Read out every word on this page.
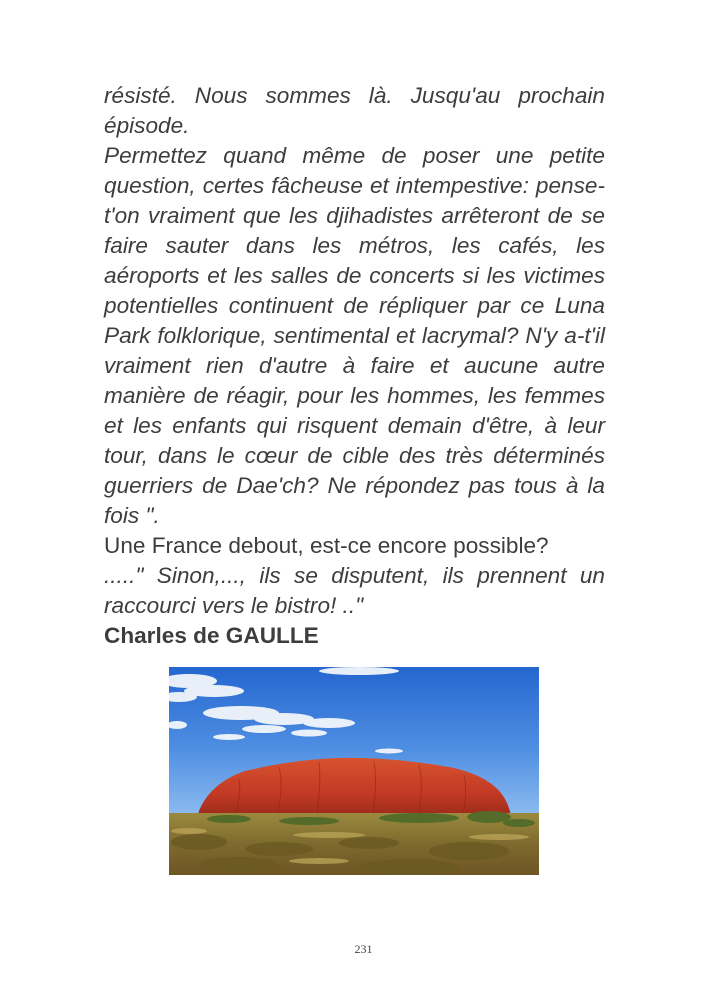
résisté. Nous sommes là. Jusqu'au prochain épisode.

Permettez quand même de poser une petite question, certes fâcheuse et intempestive: pense-t'on vraiment que les djihadistes arrêteront de se faire sauter dans les métros, les cafés, les aéroports et les salles de concerts si les victimes potentielles continuent de répliquer par ce Luna Park folklorique, sentimental et lacrymal? N'y a-t'il vraiment rien d'autre à faire et aucune autre manière de réagir, pour les hommes, les femmes et les enfants qui risquent demain d'être, à leur tour, dans le cœur de cible des très déterminés guerriers de Dae'ch? Ne répondez pas tous à la fois ".

Une France debout, est-ce encore possible?

....." Sinon,..., ils se disputent, ils prennent un raccourci vers le bistro! .."

Charles de GAULLE

231
